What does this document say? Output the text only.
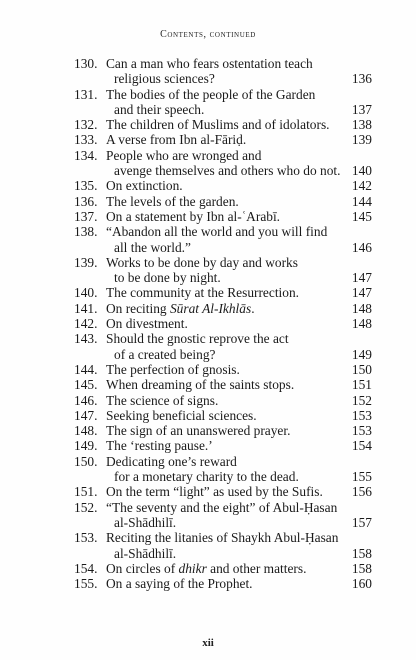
Contents, continued
130. Can a man who fears ostentation teach
religious sciences?	136
131. The bodies of the people of the Garden
and their speech.	137
132. The children of Muslims and of idolators. 138
133. A verse from Ibn al-Fāriḍ.	139
134. People who are wronged and
avenge themselves and others who do not. 140
135. On extinction.	142
136. The levels of the garden.	144
137. On a statement by Ibn al-ʿArabī.	145
138. “Abandon all the world and you will find
all the world.”	146
139. Works to be done by day and works
to be done by night.	147
140. The community at the Resurrection.	147
141. On reciting Sūrat Al-Ikhlās.	148
142. On divestment.	148
143. Should the gnostic reprove the act
of a created being?	149
144. The perfection of gnosis.	150
145. When dreaming of the saints stops.	151
146. The science of signs.	152
147. Seeking beneficial sciences.	153
148. The sign of an unanswered prayer.	153
149. The ‘resting pause.’	154
150. Dedicating one’s reward
for a monetary charity to the dead.	155
151. On the term “light” as used by the Sufis. 156
152. “The seventy and the eight” of Abul-Ḥasan
al-Shādhilī.	157
153. Reciting the litanies of Shaykh Abul-Ḥasan
al-Shādhilī.	158
154. On circles of dhikr and other matters.	158
155. On a saying of the Prophet.	160
xii
